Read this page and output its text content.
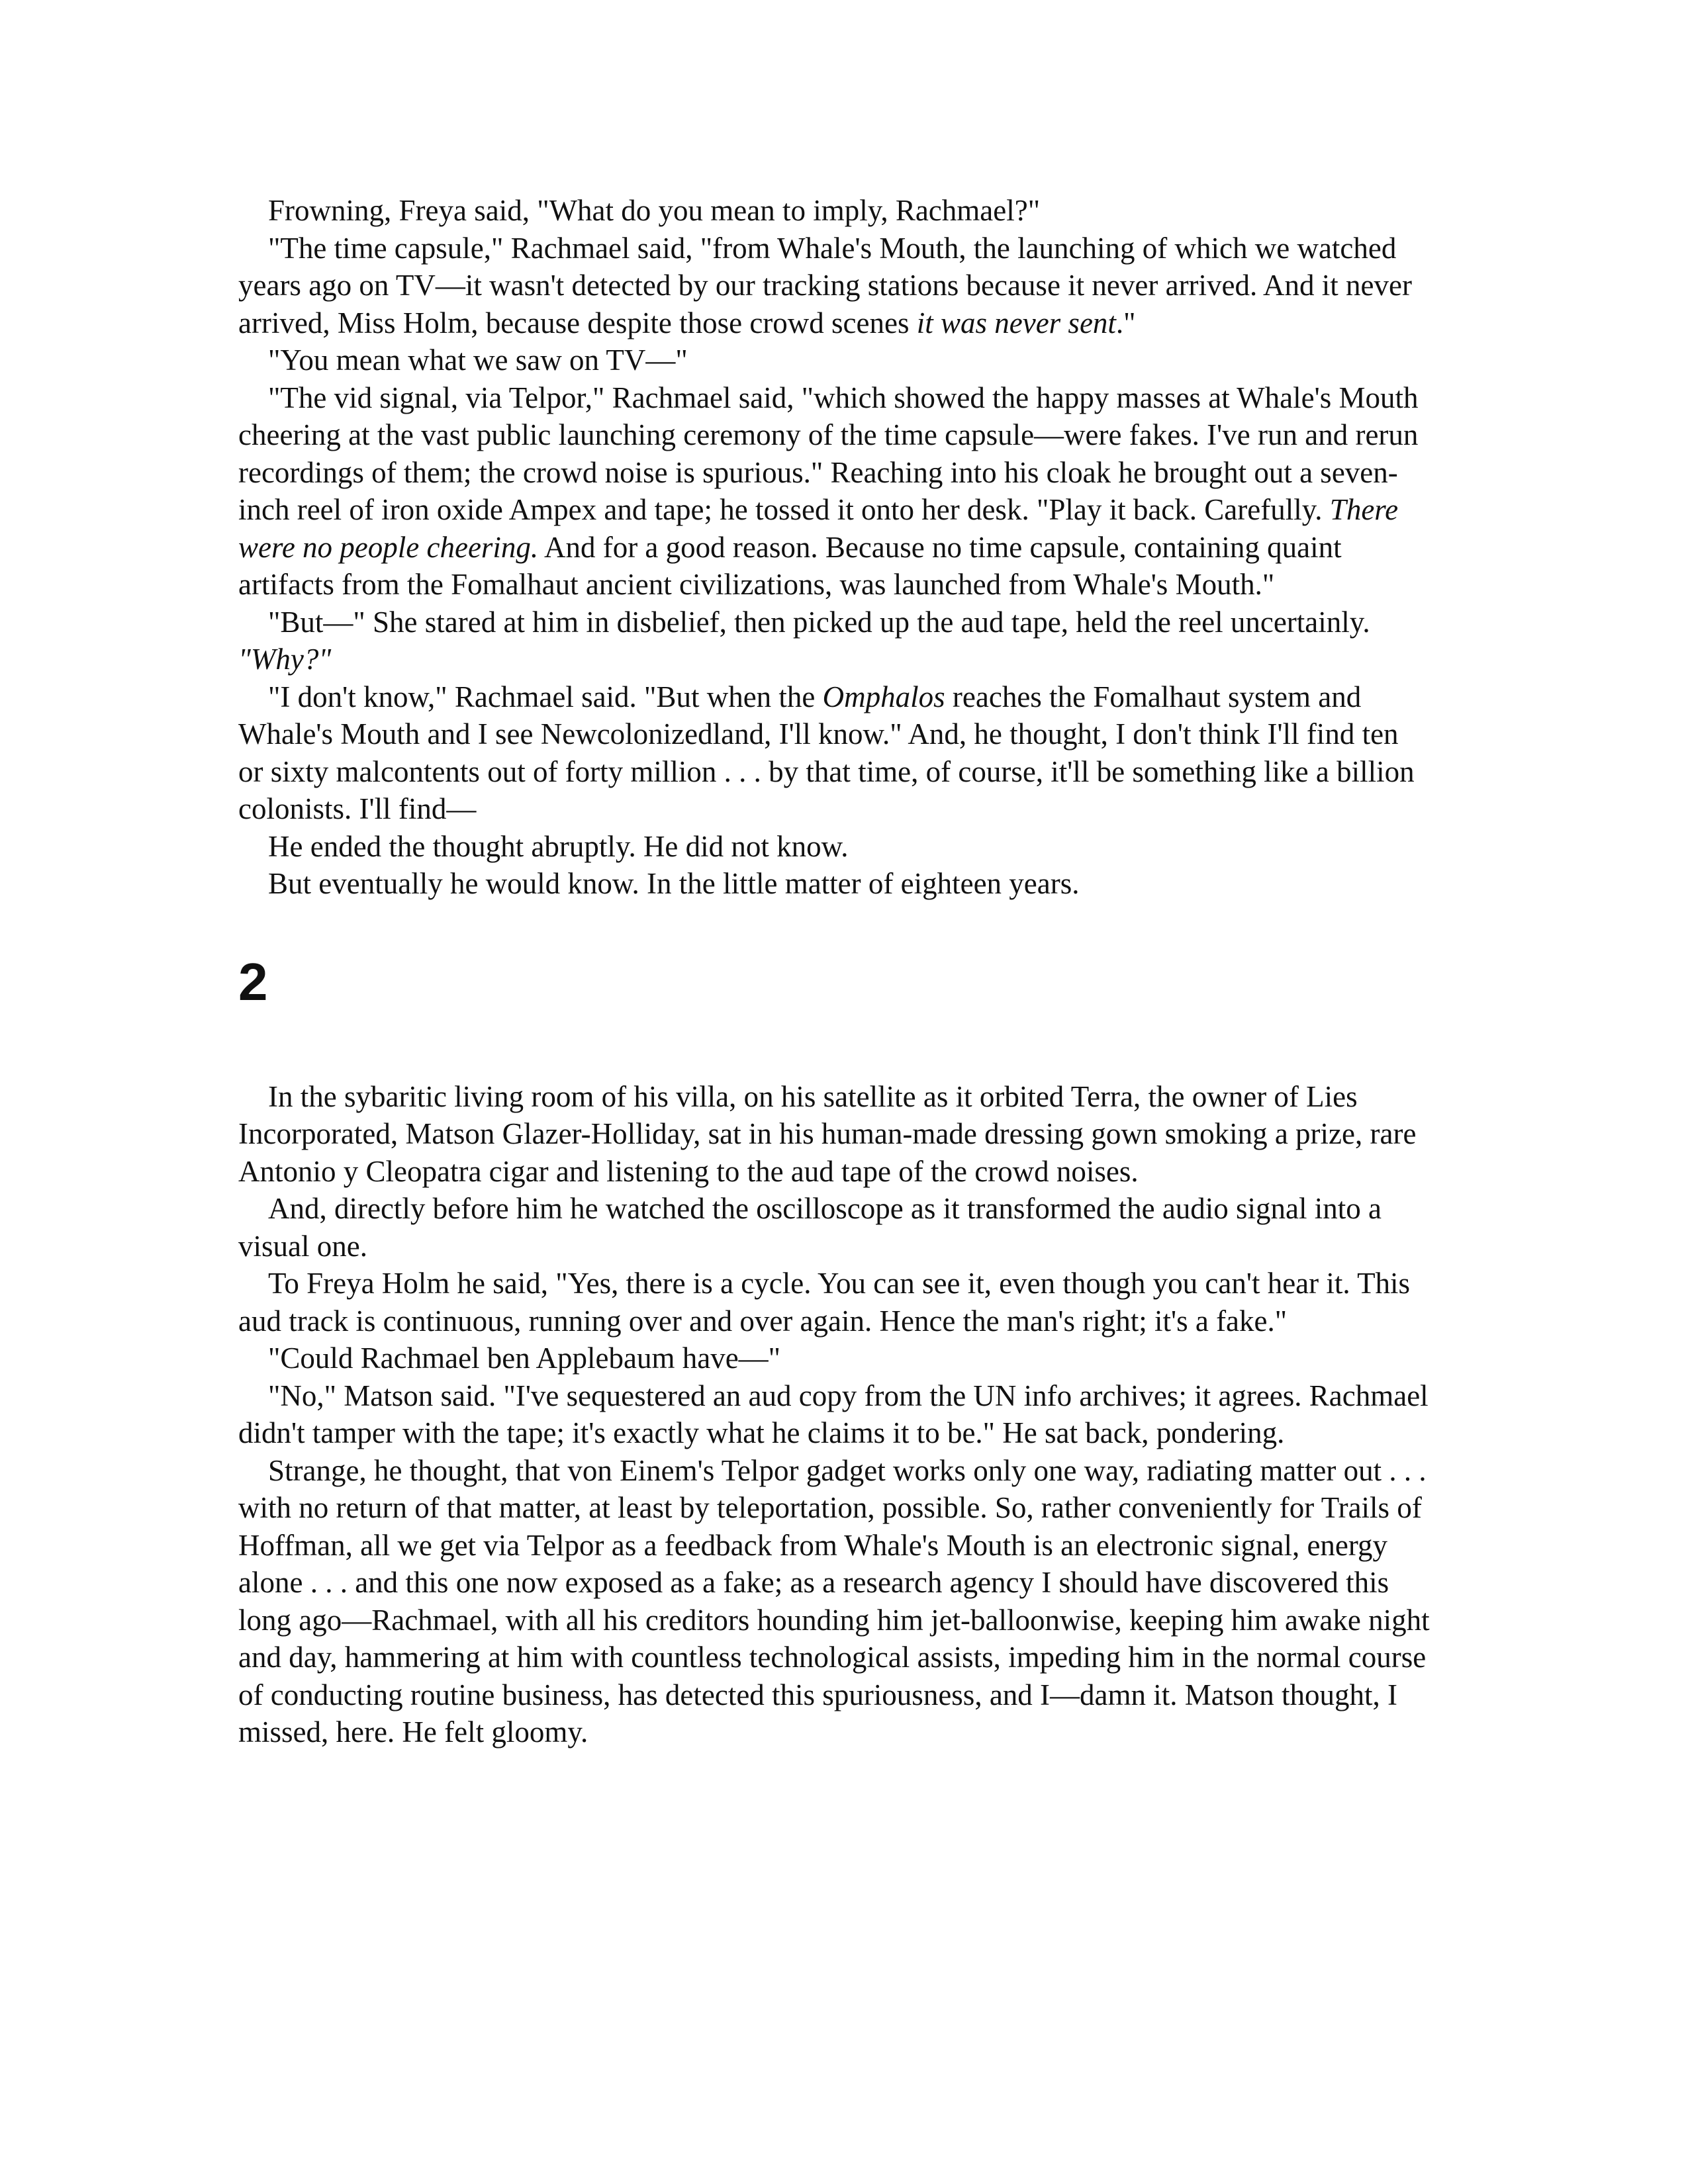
Frowning, Freya said, "What do you mean to imply, Rachmael?"

"The time capsule," Rachmael said, "from Whale's Mouth, the launching of which we watched years ago on TV—it wasn't detected by our tracking stations because it never arrived. And it never arrived, Miss Holm, because despite those crowd scenes it was never sent."

"You mean what we saw on TV—"

"The vid signal, via Telpor," Rachmael said, "which showed the happy masses at Whale's Mouth cheering at the vast public launching ceremony of the time capsule—were fakes. I've run and rerun recordings of them; the crowd noise is spurious." Reaching into his cloak he brought out a seven-inch reel of iron oxide Ampex and tape; he tossed it onto her desk. "Play it back. Carefully. There were no people cheering. And for a good reason. Because no time capsule, containing quaint artifacts from the Fomalhaut ancient civilizations, was launched from Whale's Mouth."

"But—" She stared at him in disbelief, then picked up the aud tape, held the reel uncertainly. "Why?"

"I don't know," Rachmael said. "But when the Omphalos reaches the Fomalhaut system and Whale's Mouth and I see Newcolonizedland, I'll know." And, he thought, I don't think I'll find ten or sixty malcontents out of forty million . . . by that time, of course, it'll be something like a billion colonists. I'll find—

He ended the thought abruptly. He did not know.

But eventually he would know. In the little matter of eighteen years.

2

In the sybaritic living room of his villa, on his satellite as it orbited Terra, the owner of Lies Incorporated, Matson Glazer-Holliday, sat in his human-made dressing gown smoking a prize, rare Antonio y Cleopatra cigar and listening to the aud tape of the crowd noises.

And, directly before him he watched the oscilloscope as it transformed the audio signal into a visual one.

To Freya Holm he said, "Yes, there is a cycle. You can see it, even though you can't hear it. This aud track is continuous, running over and over again. Hence the man's right; it's a fake."

"Could Rachmael ben Applebaum have—"

"No," Matson said. "I've sequestered an aud copy from the UN info archives; it agrees. Rachmael didn't tamper with the tape; it's exactly what he claims it to be." He sat back, pondering.

Strange, he thought, that von Einem's Telpor gadget works only one way, radiating matter out . . . with no return of that matter, at least by teleportation, possible. So, rather conveniently for Trails of Hoffman, all we get via Telpor as a feedback from Whale's Mouth is an electronic signal, energy alone . . . and this one now exposed as a fake; as a research agency I should have discovered this long ago—Rachmael, with all his creditors hounding him jet-balloonwise, keeping him awake night and day, hammering at him with countless technological assists, impeding him in the normal course of conducting routine business, has detected this spuriousness, and I—damn it. Matson thought, I missed, here. He felt gloomy.
